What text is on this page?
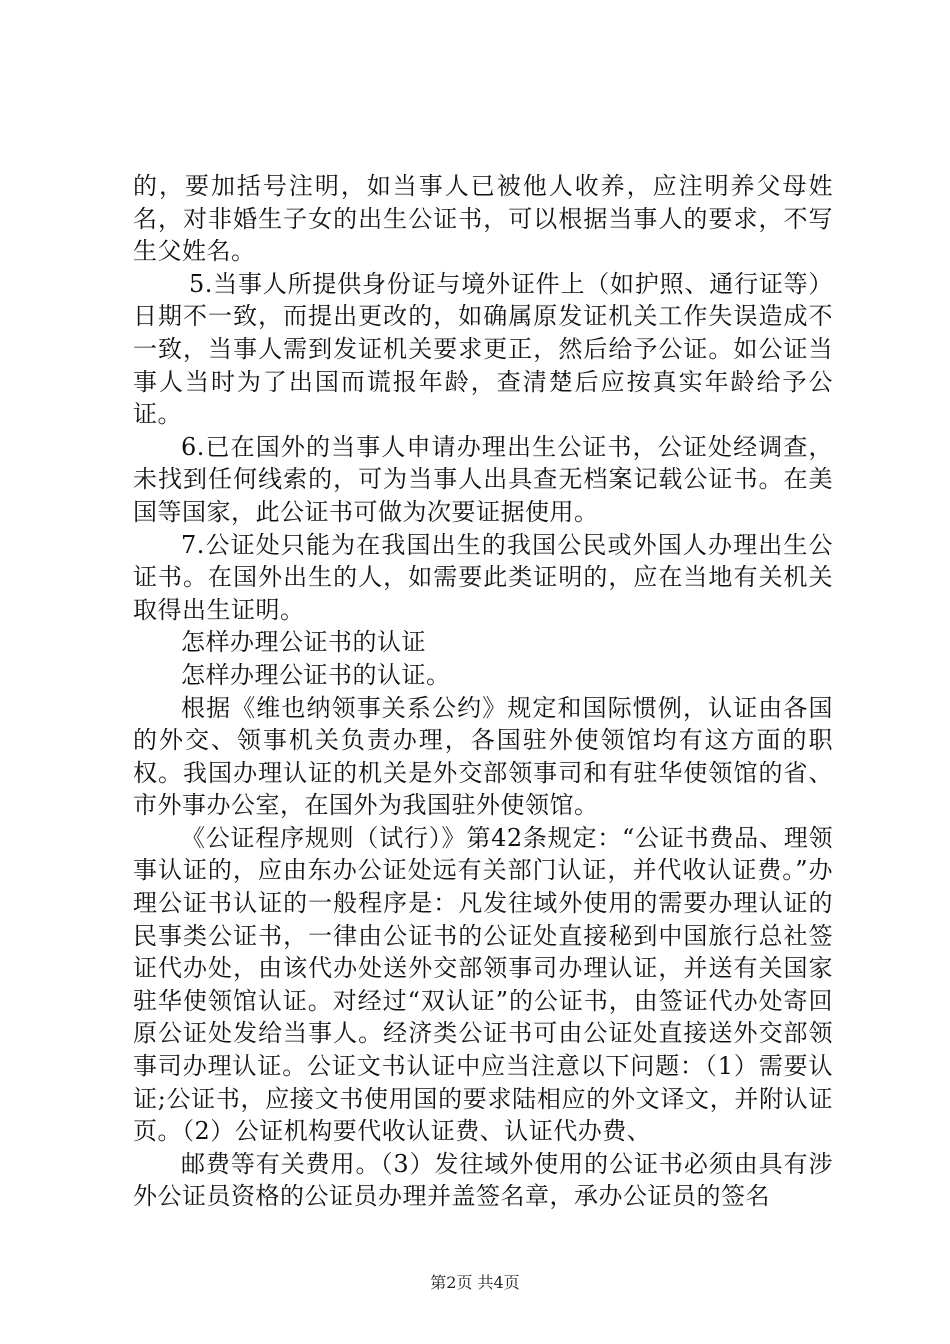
的，要加括号注明，如当事人已被他人收养，应注明养父母姓名，对非婚生子女的出生公证书，可以根据当事人的要求，不写生父姓名。

5.当事人所提供身份证与境外证件上（如护照、通行证等）日期不一致，而提出更改的，如确属原发证机关工作失误造成不一致，当事人需到发证机关要求更正，然后给予公证。如公证当事人当时为了出国而谎报年龄，查清楚后应按真实年龄给予公证。

6.已在国外的当事人申请办理出生公证书，公证处经调查，未找到任何线索的，可为当事人出具查无档案记载公证书。在美国等国家，此公证书可做为次要证据使用。

7.公证处只能为在我国出生的我国公民或外国人办理出生公证书。在国外出生的人，如需要此类证明的，应在当地有关机关取得出生证明。

怎样办理公证书的认证

怎样办理公证书的认证。

根据《维也纳领事关系公约》规定和国际惯例，认证由各国的外交、领事机关负责办理，各国驻外使领馆均有这方面的职权。我国办理认证的机关是外交部领事司和有驻华使领馆的省、市外事办公室，在国外为我国驻外使领馆。

《公证程序规则（试行）》第42条规定：“公证书费品、理领事认证的，应由东办公证处远有关部门认证，并代收认证费。”办理公证书认证的一般程序是：凡发往域外使用的需要办理认证的民事类公证书，一律由公证书的公证处直接秘到中国旅行总社签证代办处，由该代办处送外交部领事司办理认证，并送有关国家驻华使领馆认证。对经过“双认证”的公证书，由签证代办处寄回原公证处发给当事人。经济类公证书可由公证处直接送外交部领事司办理认证。公证文书认证中应当注意以下问题：（1）需要认证;公证书，应接文书使用国的要求陆相应的外文译文，并附认证页。（2）公证机构要代收认证费、认证代办费、

邮费等有关费用。（3）发往域外使用的公证书必须由具有涉外公证员资格的公证员办理并盖签名章，承办公证员的签名

第2页 共4页
